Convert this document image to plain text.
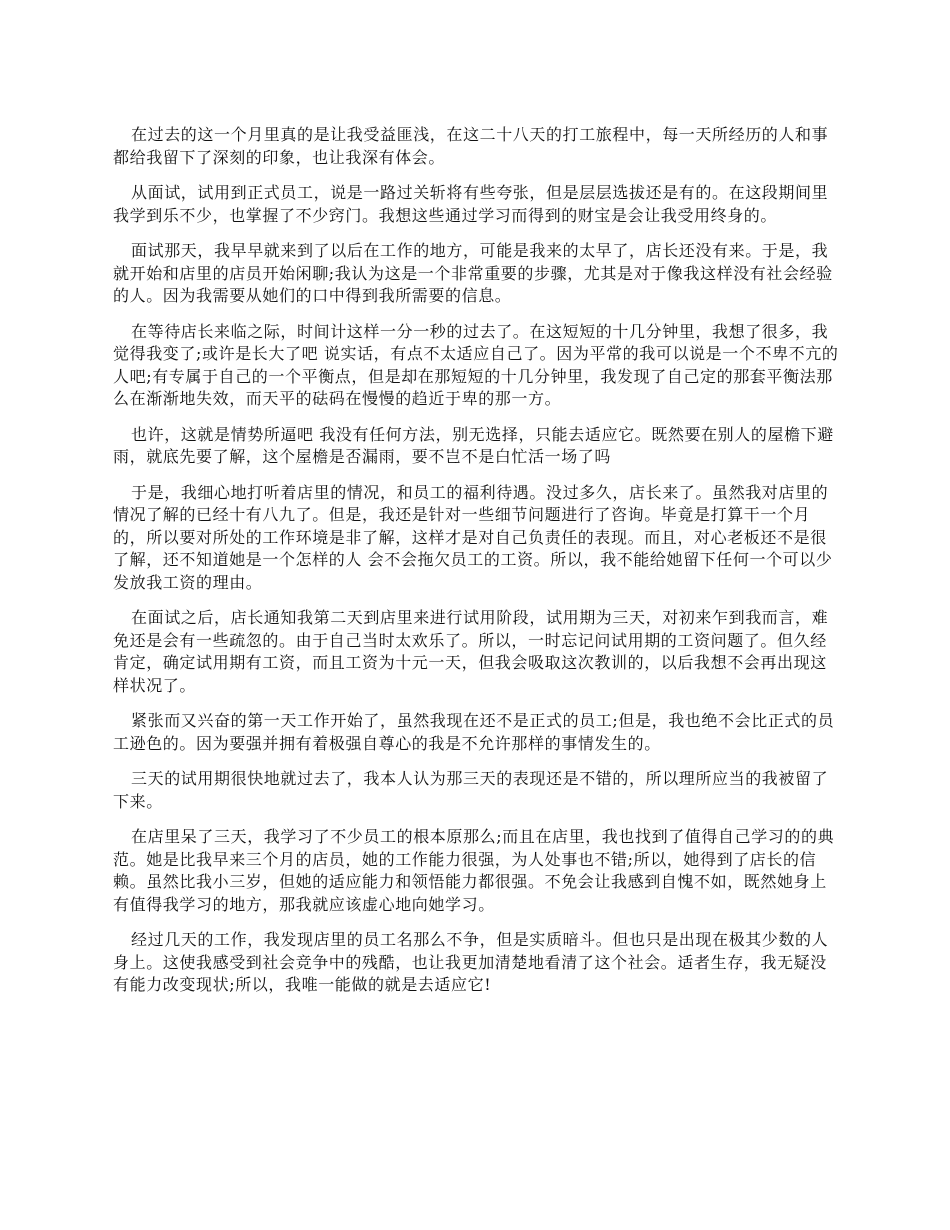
在过去的这一个月里真的是让我受益匪浅，在这二十八天的打工旅程中，每一天所经历的人和事都给我留下了深刻的印象，也让我深有体会。

从面试，试用到正式员工，说是一路过关斩将有些夸张，但是层层选拔还是有的。在这段期间里我学到乐不少，也掌握了不少窍门。我想这些通过学习而得到的财宝是会让我受用终身的。

面试那天，我早早就来到了以后在工作的地方，可能是我来的太早了，店长还没有来。于是，我就开始和店里的店员开始闲聊;我认为这是一个非常重要的步骤，尤其是对于像我这样没有社会经验的人。因为我需要从她们的口中得到我所需要的信息。

在等待店长来临之际，时间计这样一分一秒的过去了。在这短短的十几分钟里，我想了很多，我觉得我变了;或许是长大了吧 说实话，有点不太适应自己了。因为平常的我可以说是一个不卑不亢的人吧;有专属于自己的一个平衡点，但是却在那短短的十几分钟里，我发现了自己定的那套平衡法那么在渐渐地失效，而天平的砝码在慢慢的趋近于卑的那一方。

也许，这就是情势所逼吧 我没有任何方法，别无选择，只能去适应它。既然要在别人的屋檐下避雨，就底先要了解，这个屋檐是否漏雨，要不岂不是白忙活一场了吗

于是，我细心地打听着店里的情况，和员工的福利待遇。没过多久，店长来了。虽然我对店里的情况了解的已经十有八九了。但是，我还是针对一些细节问题进行了咨询。毕竟是打算干一个月的，所以要对所处的工作环境是非了解，这样才是对自己负责任的表现。而且，对心老板还不是很了解，还不知道她是一个怎样的人 会不会拖欠员工的工资。所以，我不能给她留下任何一个可以少发放我工资的理由。

在面试之后，店长通知我第二天到店里来进行试用阶段，试用期为三天，对初来乍到我而言，难免还是会有一些疏忽的。由于自己当时太欢乐了。所以，一时忘记问试用期的工资问题了。但久经肯定，确定试用期有工资，而且工资为十元一天，但我会吸取这次教训的，以后我想不会再出现这样状况了。

紧张而又兴奋的第一天工作开始了，虽然我现在还不是正式的员工;但是，我也绝不会比正式的员工逊色的。因为要强并拥有着极强自尊心的我是不允许那样的事情发生的。

三天的试用期很快地就过去了，我本人认为那三天的表现还是不错的，所以理所应当的我被留了下来。

在店里呆了三天，我学习了不少员工的根本原那么;而且在店里，我也找到了值得自己学习的的典范。她是比我早来三个月的店员，她的工作能力很强，为人处事也不错;所以，她得到了店长的信赖。虽然比我小三岁，但她的适应能力和领悟能力都很强。不免会让我感到自愧不如，既然她身上有值得我学习的地方，那我就应该虚心地向她学习。

经过几天的工作，我发现店里的员工名那么不争，但是实质暗斗。但也只是出现在极其少数的人身上。这使我感受到社会竞争中的残酷，也让我更加清楚地看清了这个社会。适者生存，我无疑没有能力改变现状;所以，我唯一能做的就是去适应它!
